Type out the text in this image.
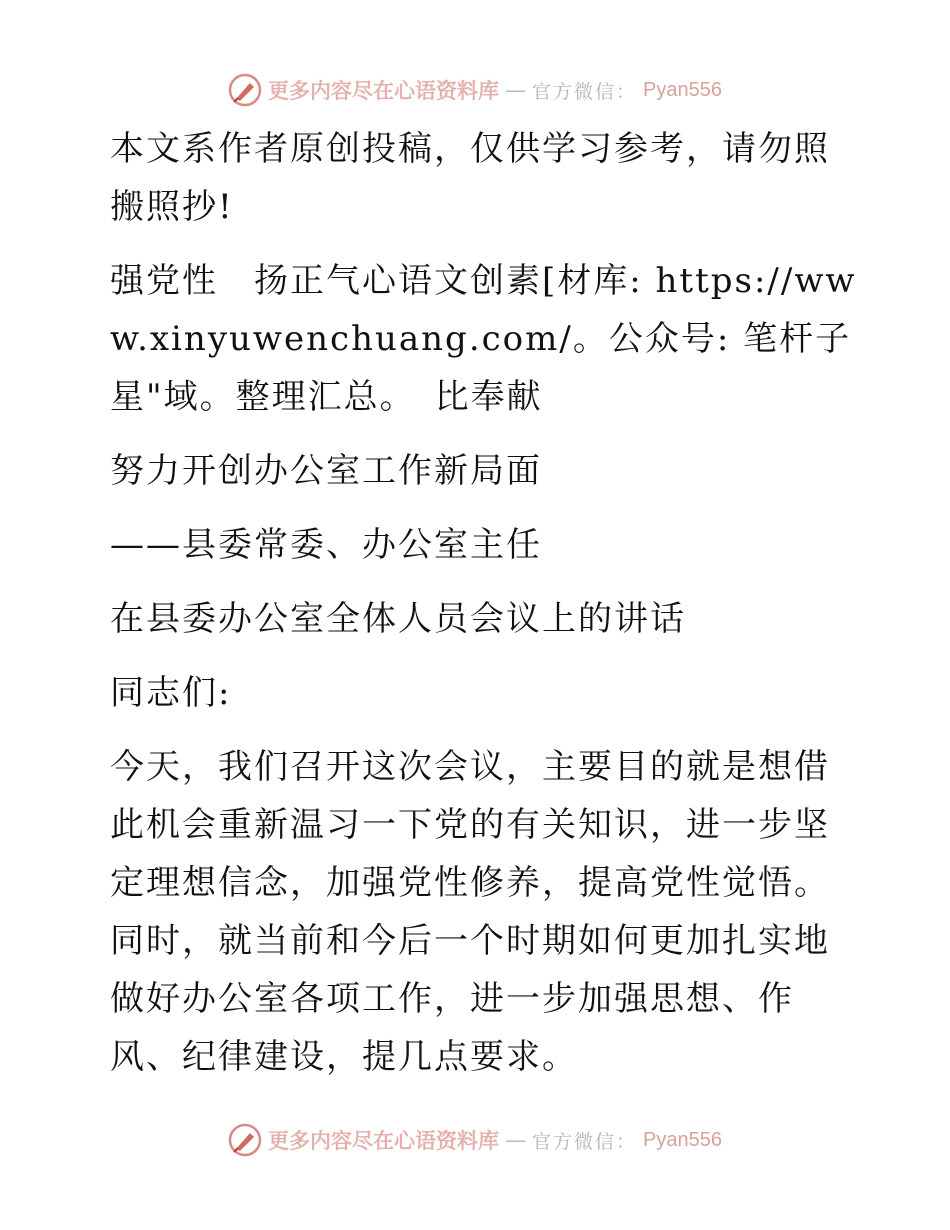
更多内容尽在心语资料库 — 官方微信： Pyan556

本文系作者原创投稿，仅供学习参考，请勿照搬照抄!

强党性　扬正气心语文创素[材库: https://www.xinyuwenchuang.com/。公众号: 笔杆子星"域。整理汇总。　比奉献

努力开创办公室工作新局面

——县委常委、办公室主任

在县委办公室全体人员会议上的讲话

同志们:

今天，我们召开这次会议，主要目的就是想借此机会重新温习一下党的有关知识，进一步坚定理想信念，加强党性修养，提高党性觉悟。同时，就当前和今后一个时期如何更加扎实地做好办公室各项工作，进一步加强思想、作风、纪律建设，提几点要求。

更多内容尽在心语资料库 — 官方微信： Pyan556
